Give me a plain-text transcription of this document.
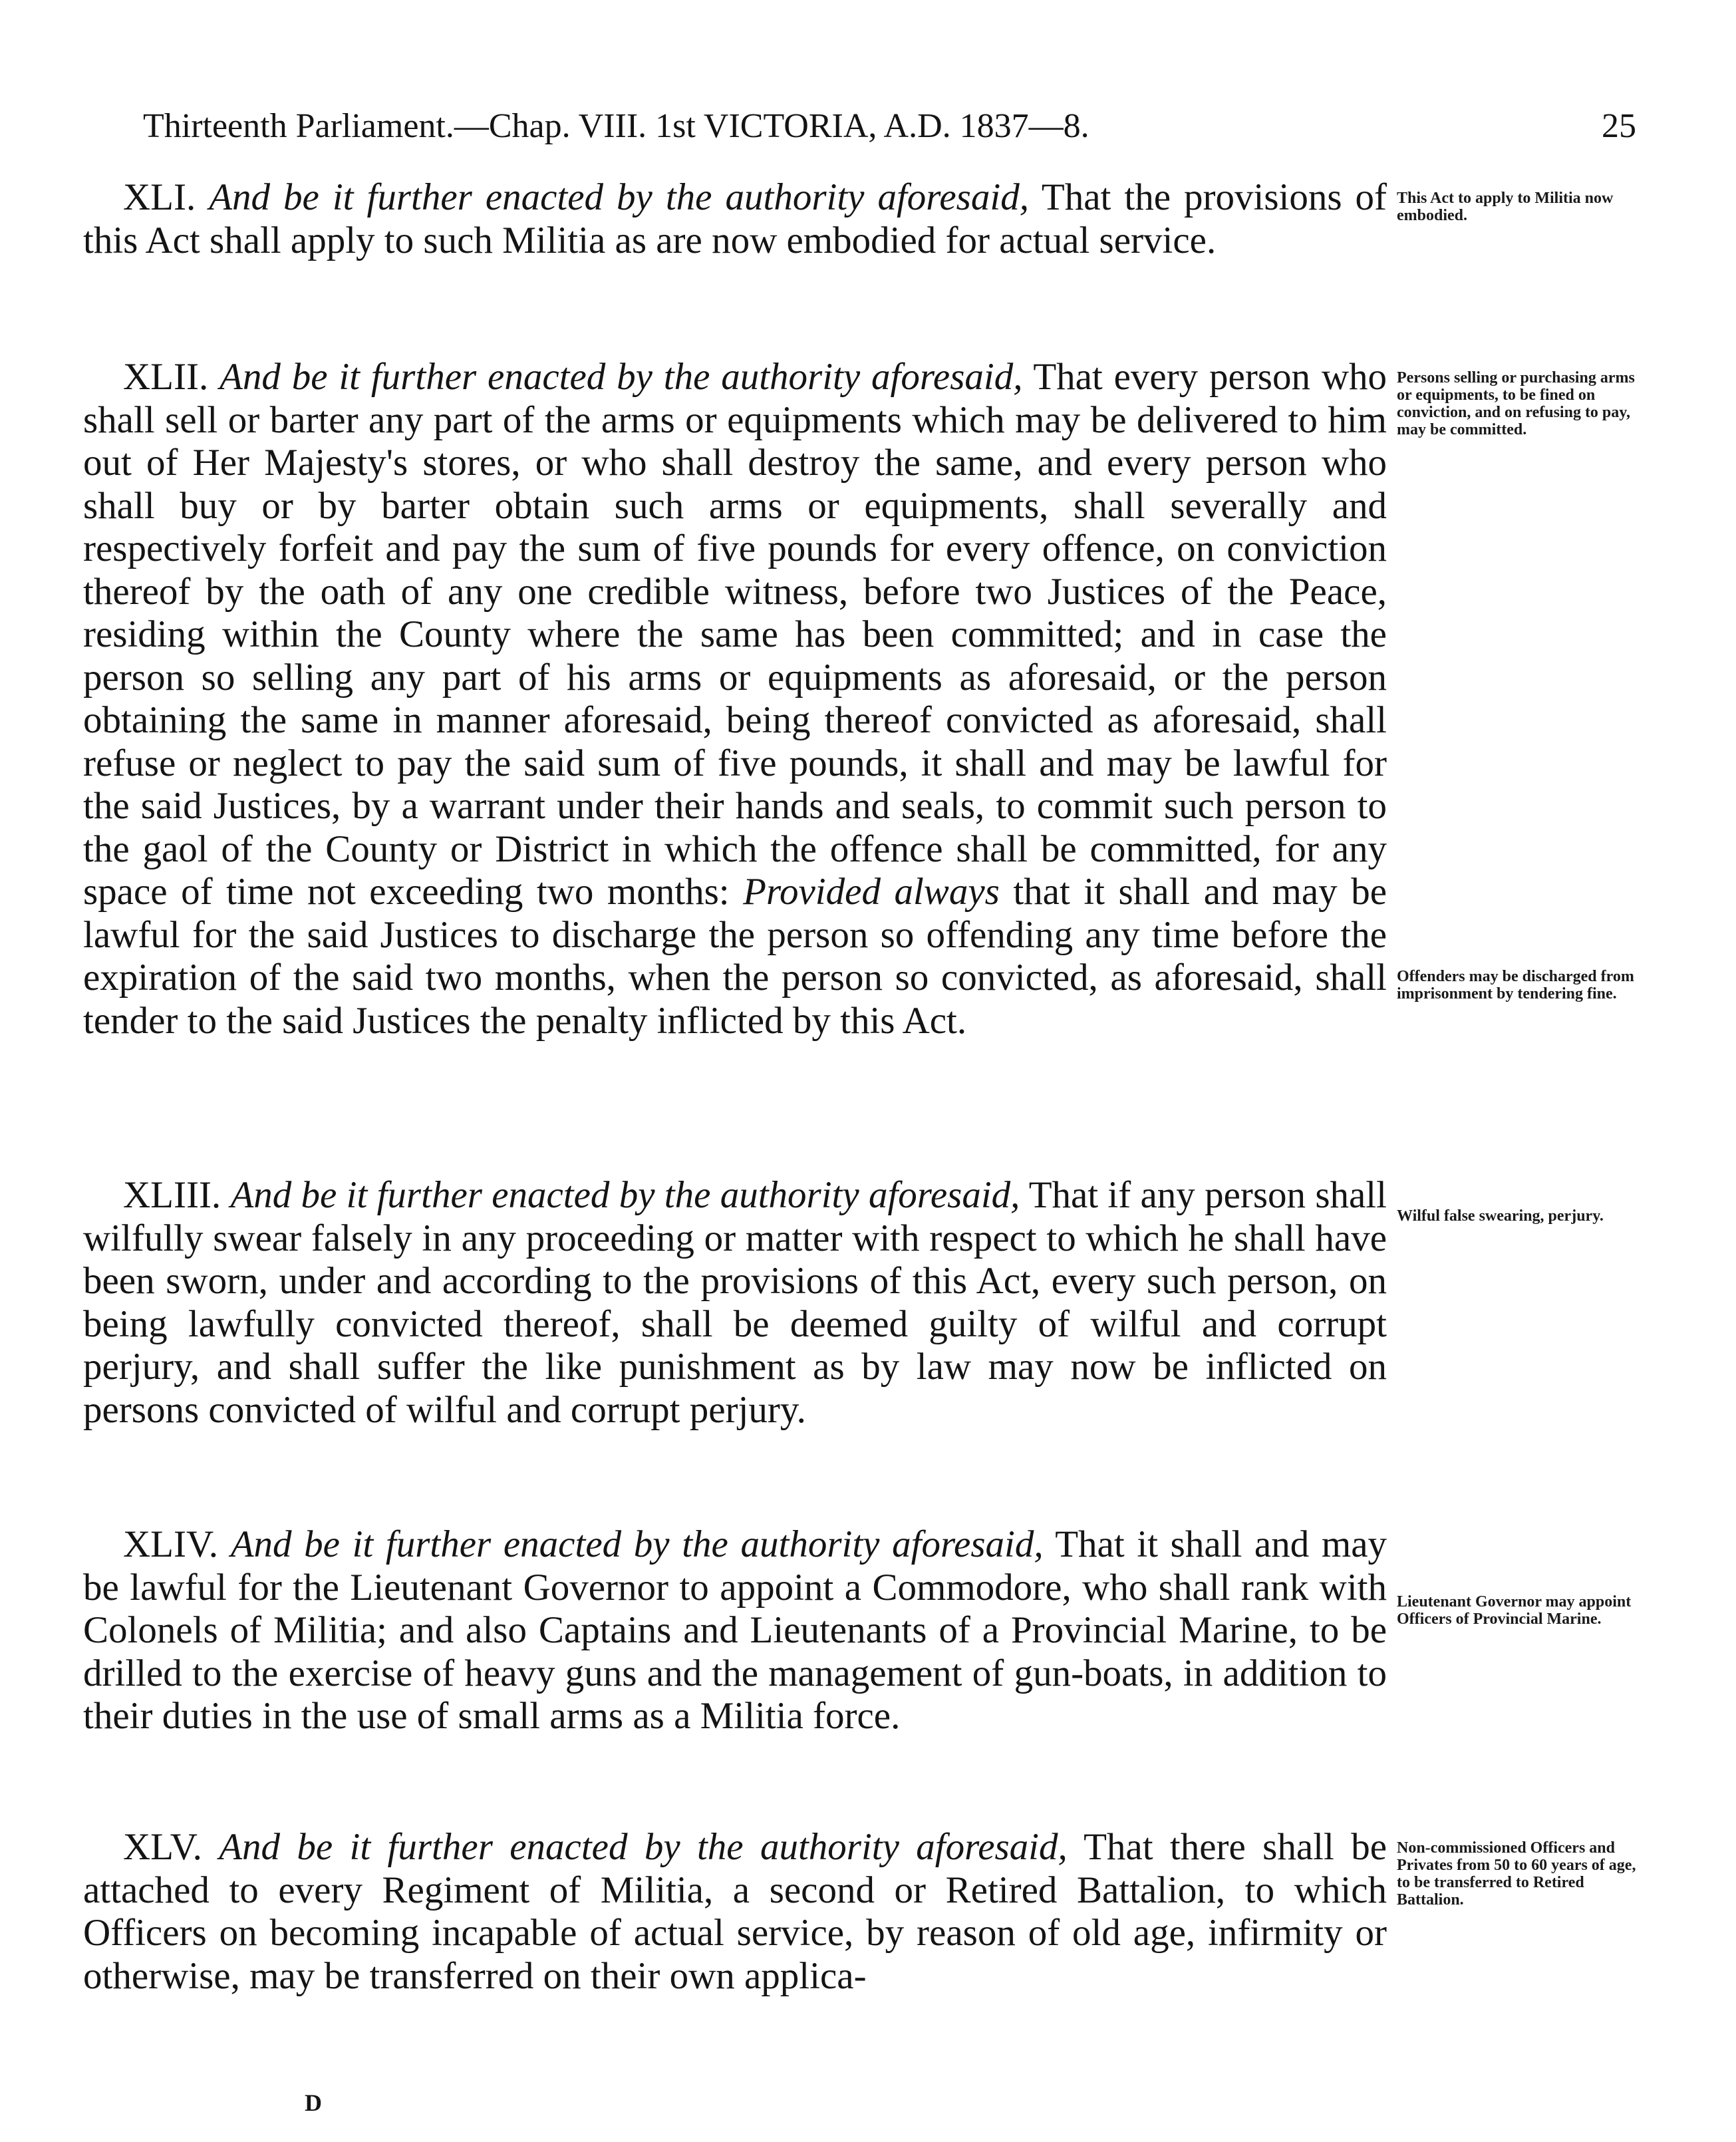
Thirteenth Parliament.—Chap. VIII. 1st VICTORIA, A.D. 1837—8.	25

XLI. And be it further enacted by the authority aforesaid, That the provisions of this Act shall apply to such Militia as are now embodied for actual service.

This Act to apply to Militia now embodied.

XLII. And be it further enacted by the authority aforesaid, That every person who shall sell or barter any part of the arms or equipments which may be delivered to him out of Her Majesty's stores, or who shall destroy the same, and every person who shall buy or by barter obtain such arms or equipments, shall severally and respectively forfeit and pay the sum of five pounds for every offence, on conviction thereof by the oath of any one credible witness, before two Justices of the Peace, residing within the County where the same has been committed; and in case the person so selling any part of his arms or equipments as aforesaid, or the person obtaining the same in manner aforesaid, being thereof convicted as aforesaid, shall refuse or neglect to pay the said sum of five pounds, it shall and may be lawful for the said Justices, by a warrant under their hands and seals, to commit such person to the gaol of the County or District in which the offence shall be committed, for any space of time not exceeding two months: Provided always that it shall and may be lawful for the said Justices to discharge the person so offending any time before the expiration of the said two months, when the person so convicted, as aforesaid, shall tender to the said Justices the penalty inflicted by this Act.

Persons selling or purchasing arms or equipments, to be fined on conviction, and on refusing to pay, may be committed.
Offenders may be discharged from imprisonment by tendering fine.

XLIII. And be it further enacted by the authority aforesaid, That if any person shall wilfully swear falsely in any proceeding or matter with respect to which he shall have been sworn, under and according to the provisions of this Act, every such person, on being lawfully convicted thereof, shall be deemed guilty of wilful and corrupt perjury, and shall suffer the like punishment as by law may now be inflicted on persons convicted of wilful and corrupt perjury.

Wilful false swearing, perjury.

XLIV. And be it further enacted by the authority aforesaid, That it shall and may be lawful for the Lieutenant Governor to appoint a Commodore, who shall rank with Colonels of Militia; and also Captains and Lieutenants of a Provincial Marine, to be drilled to the exercise of heavy guns and the management of gun-boats, in addition to their duties in the use of small arms as a Militia force.

Lieutenant Governor may appoint Officers of Provincial Marine.

XLV. And be it further enacted by the authority aforesaid, That there shall be attached to every Regiment of Militia, a second or Retired Battalion, to which Officers on becoming incapable of actual service, by reason of old age, infirmity or otherwise, may be transferred on their own applica-

Non-commissioned Officers and Privates from 50 to 60 years of age, to be transferred to Retired Battalion.
D
